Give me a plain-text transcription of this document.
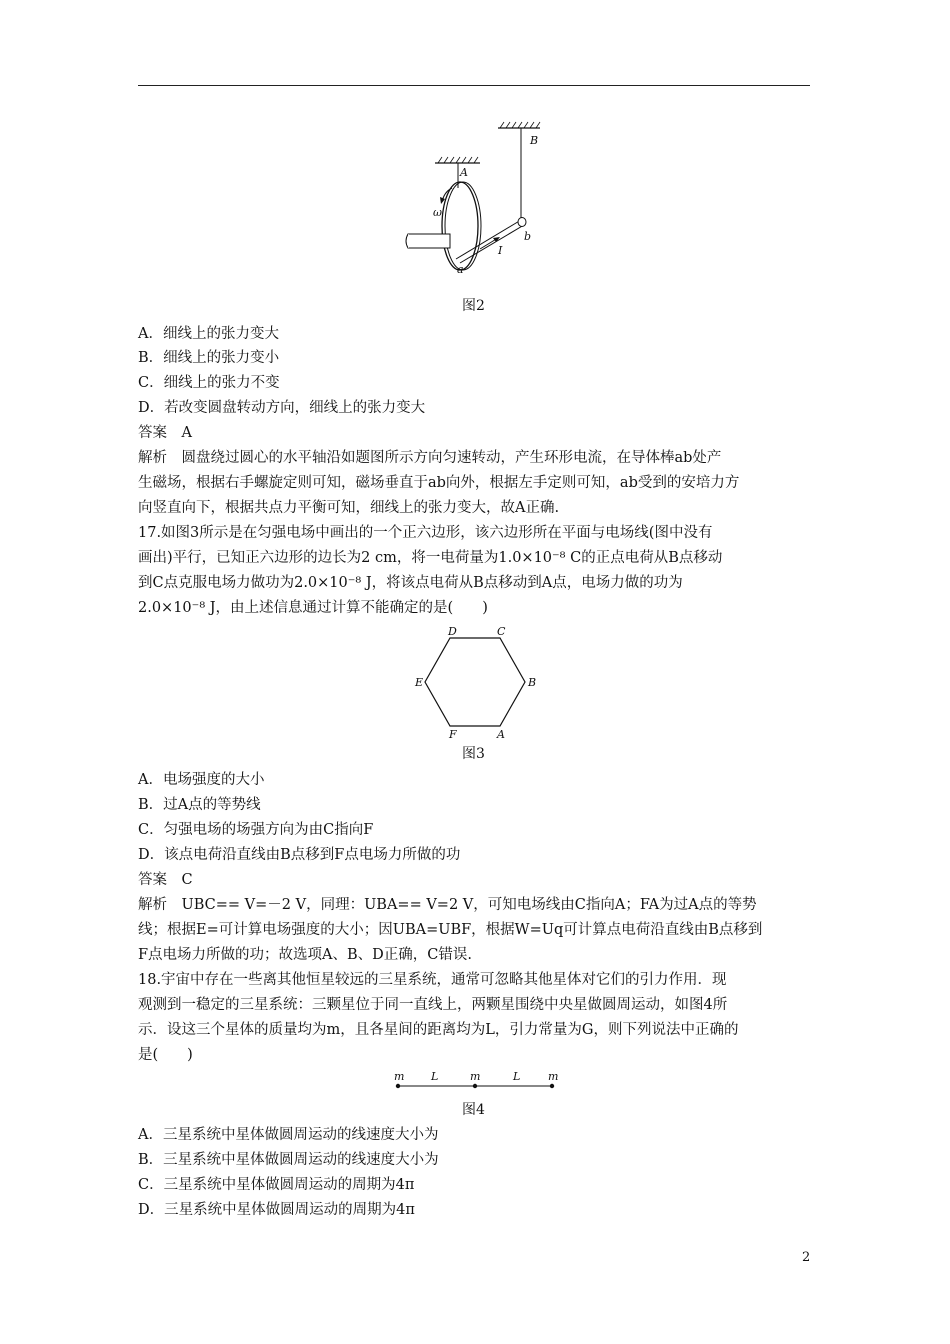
A
B
ω
a
b
I
图2
A．细线上的张力变大
B．细线上的张力变小
C．细线上的张力不变
D．若改变圆盘转动方向，细线上的张力变大
答案　A
解析　圆盘绕过圆心的水平轴沿如题图所示方向匀速转动，产生环形电流，在导体棒ab处产
生磁场，根据右手螺旋定则可知，磁场垂直于ab向外，根据左手定则可知，ab受到的安培力方
向竖直向下，根据共点力平衡可知，细线上的张力变大，故A正确.
17.如图3所示是在匀强电场中画出的一个正六边形，该六边形所在平面与电场线(图中没有
画出)平行，已知正六边形的边长为2 cm，将一电荷量为1.0×10⁻⁸ C的正点电荷从B点移动
到C点克服电场力做功为2.0×10⁻⁸ J，将该点电荷从B点移动到A点，电场力做的功为
2.0×10⁻⁸ J，由上述信息通过计算不能确定的是(　　)
D	C
E	B
F	A
图3
A．电场强度的大小
B．过A点的等势线
C．匀强电场的场强方向为由C指向F
D．该点电荷沿直线由B点移到F点电场力所做的功
答案　C
解析　UBC== V=－2 V，同理：UBA== V=2 V，可知电场线由C指向A；FA为过A点的等势
线；根据E=可计算电场强度的大小；因UBA=UBF，根据W=Uq可计算点电荷沿直线由B点移到
F点电场力所做的功；故选项A、B、D正确，C错误.
18.宇宙中存在一些离其他恒星较远的三星系统，通常可忽略其他星体对它们的引力作用．现
观测到一稳定的三星系统：三颗星位于同一直线上，两颗星围绕中央星做圆周运动，如图4所
示．设这三个星体的质量均为m，且各星间的距离均为L，引力常量为G，则下列说法中正确的
是(　　)
m L	m	L	m
图4
A．三星系统中星体做圆周运动的线速度大小为
B．三星系统中星体做圆周运动的线速度大小为
C．三星系统中星体做圆周运动的周期为4π
D．三星系统中星体做圆周运动的周期为4π
2
